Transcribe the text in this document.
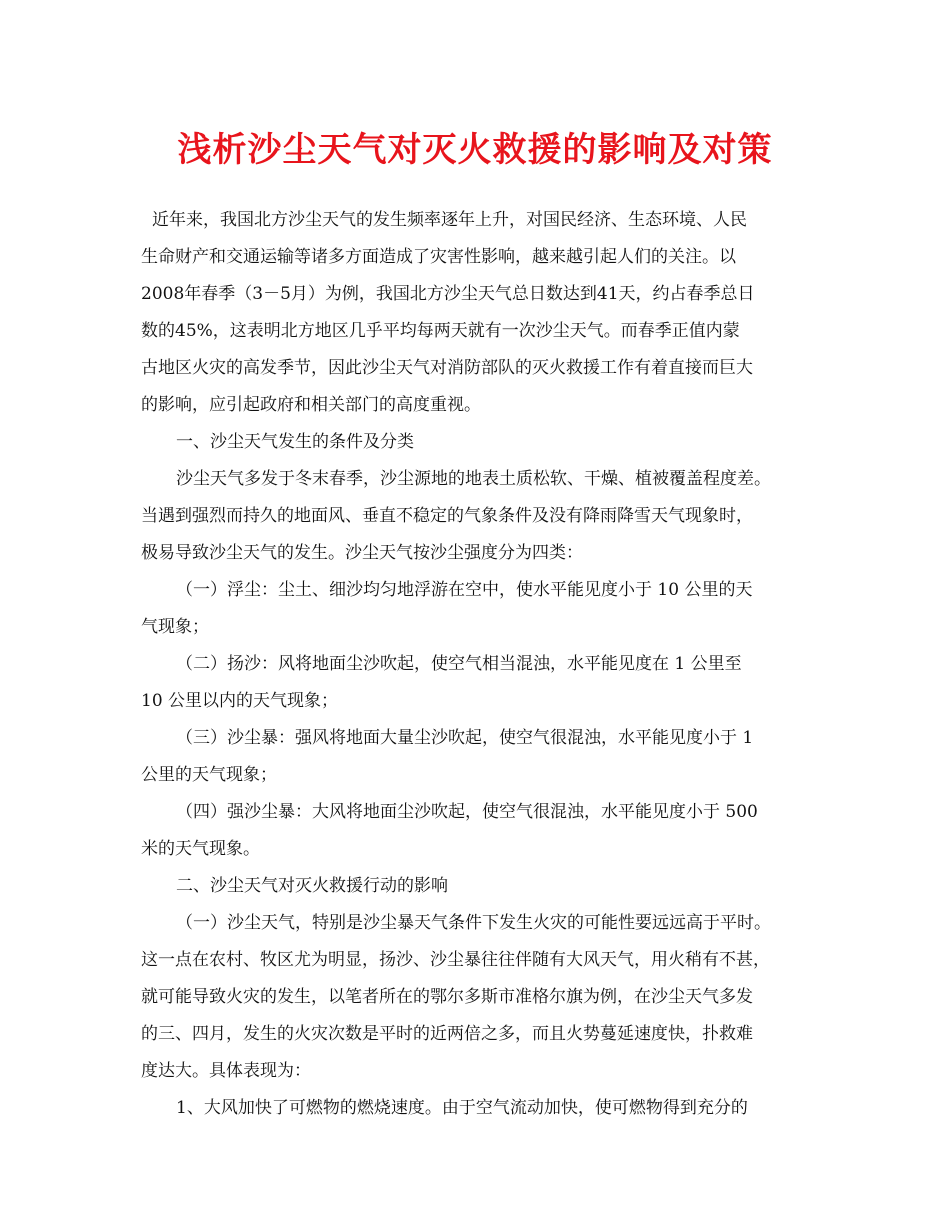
浅析沙尘天气对灭火救援的影响及对策
近年来，我国北方沙尘天气的发生频率逐年上升，对国民经济、生态环境、人民
生命财产和交通运输等诸多方面造成了灾害性影响，越来越引起人们的关注。以
2008年春季（3－5月）为例，我国北方沙尘天气总日数达到41天，约占春季总日
数的45%，这表明北方地区几乎平均每两天就有一次沙尘天气。而春季正值内蒙
古地区火灾的高发季节，因此沙尘天气对消防部队的灭火救援工作有着直接而巨大
的影响，应引起政府和相关部门的高度重视。
一、沙尘天气发生的条件及分类
沙尘天气多发于冬末春季，沙尘源地的地表土质松软、干燥、植被覆盖程度差。
当遇到强烈而持久的地面风、垂直不稳定的气象条件及没有降雨降雪天气现象时，
极易导致沙尘天气的发生。沙尘天气按沙尘强度分为四类：
（一）浮尘：尘土、细沙均匀地浮游在空中，使水平能见度小于 10 公里的天
气现象；
（二）扬沙：风将地面尘沙吹起，使空气相当混浊，水平能见度在 1 公里至
10 公里以内的天气现象；
（三）沙尘暴：强风将地面大量尘沙吹起，使空气很混浊，水平能见度小于 1
公里的天气现象；
（四）强沙尘暴：大风将地面尘沙吹起，使空气很混浊，水平能见度小于 500
米的天气现象。
二、沙尘天气对灭火救援行动的影响
（一）沙尘天气，特别是沙尘暴天气条件下发生火灾的可能性要远远高于平时。
这一点在农村、牧区尤为明显，扬沙、沙尘暴往往伴随有大风天气，用火稍有不甚，
就可能导致火灾的发生，以笔者所在的鄂尔多斯市准格尔旗为例，在沙尘天气多发
的三、四月，发生的火灾次数是平时的近两倍之多，而且火势蔓延速度快，扑救难
度达大。具体表现为：
1、大风加快了可燃物的燃烧速度。由于空气流动加快，使可燃物得到充分的
